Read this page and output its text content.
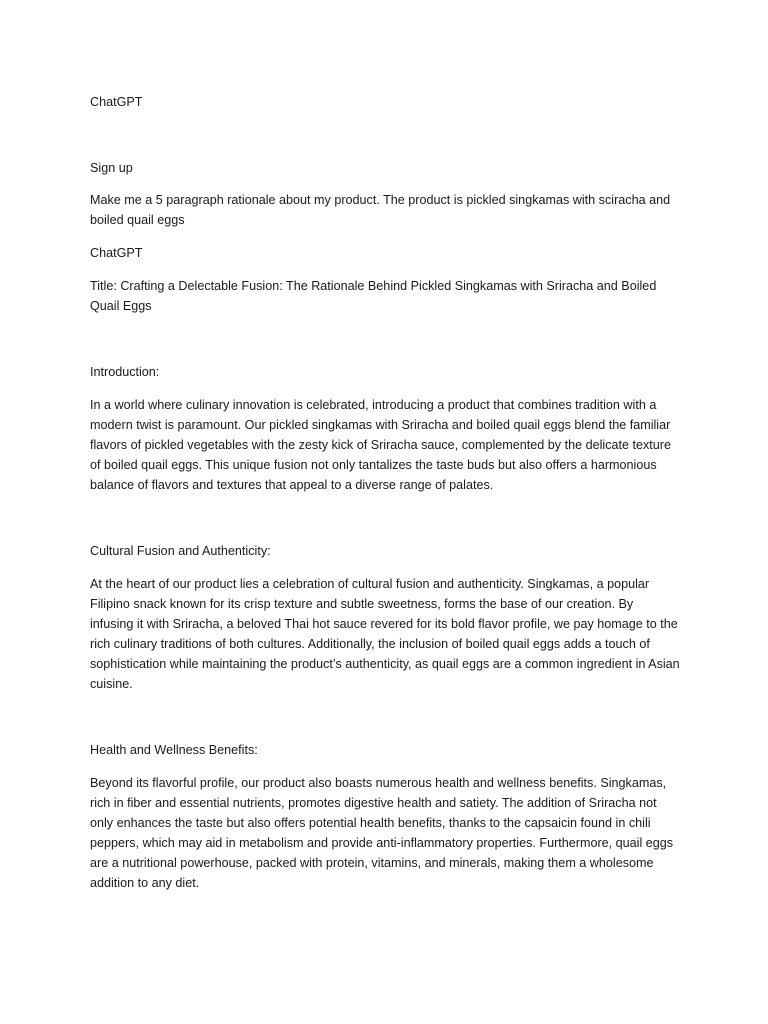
ChatGPT

Sign up

Make me a 5 paragraph rationale about my product. The product is pickled singkamas with sciracha and boiled quail eggs

ChatGPT

Title: Crafting a Delectable Fusion: The Rationale Behind Pickled Singkamas with Sriracha and Boiled Quail Eggs

Introduction:

In a world where culinary innovation is celebrated, introducing a product that combines tradition with a modern twist is paramount. Our pickled singkamas with Sriracha and boiled quail eggs blend the familiar flavors of pickled vegetables with the zesty kick of Sriracha sauce, complemented by the delicate texture of boiled quail eggs. This unique fusion not only tantalizes the taste buds but also offers a harmonious balance of flavors and textures that appeal to a diverse range of palates.

Cultural Fusion and Authenticity:

At the heart of our product lies a celebration of cultural fusion and authenticity. Singkamas, a popular Filipino snack known for its crisp texture and subtle sweetness, forms the base of our creation. By infusing it with Sriracha, a beloved Thai hot sauce revered for its bold flavor profile, we pay homage to the rich culinary traditions of both cultures. Additionally, the inclusion of boiled quail eggs adds a touch of sophistication while maintaining the product’s authenticity, as quail eggs are a common ingredient in Asian cuisine.

Health and Wellness Benefits:

Beyond its flavorful profile, our product also boasts numerous health and wellness benefits. Singkamas, rich in fiber and essential nutrients, promotes digestive health and satiety. The addition of Sriracha not only enhances the taste but also offers potential health benefits, thanks to the capsaicin found in chili peppers, which may aid in metabolism and provide anti-inflammatory properties. Furthermore, quail eggs are a nutritional powerhouse, packed with protein, vitamins, and minerals, making them a wholesome addition to any diet.
